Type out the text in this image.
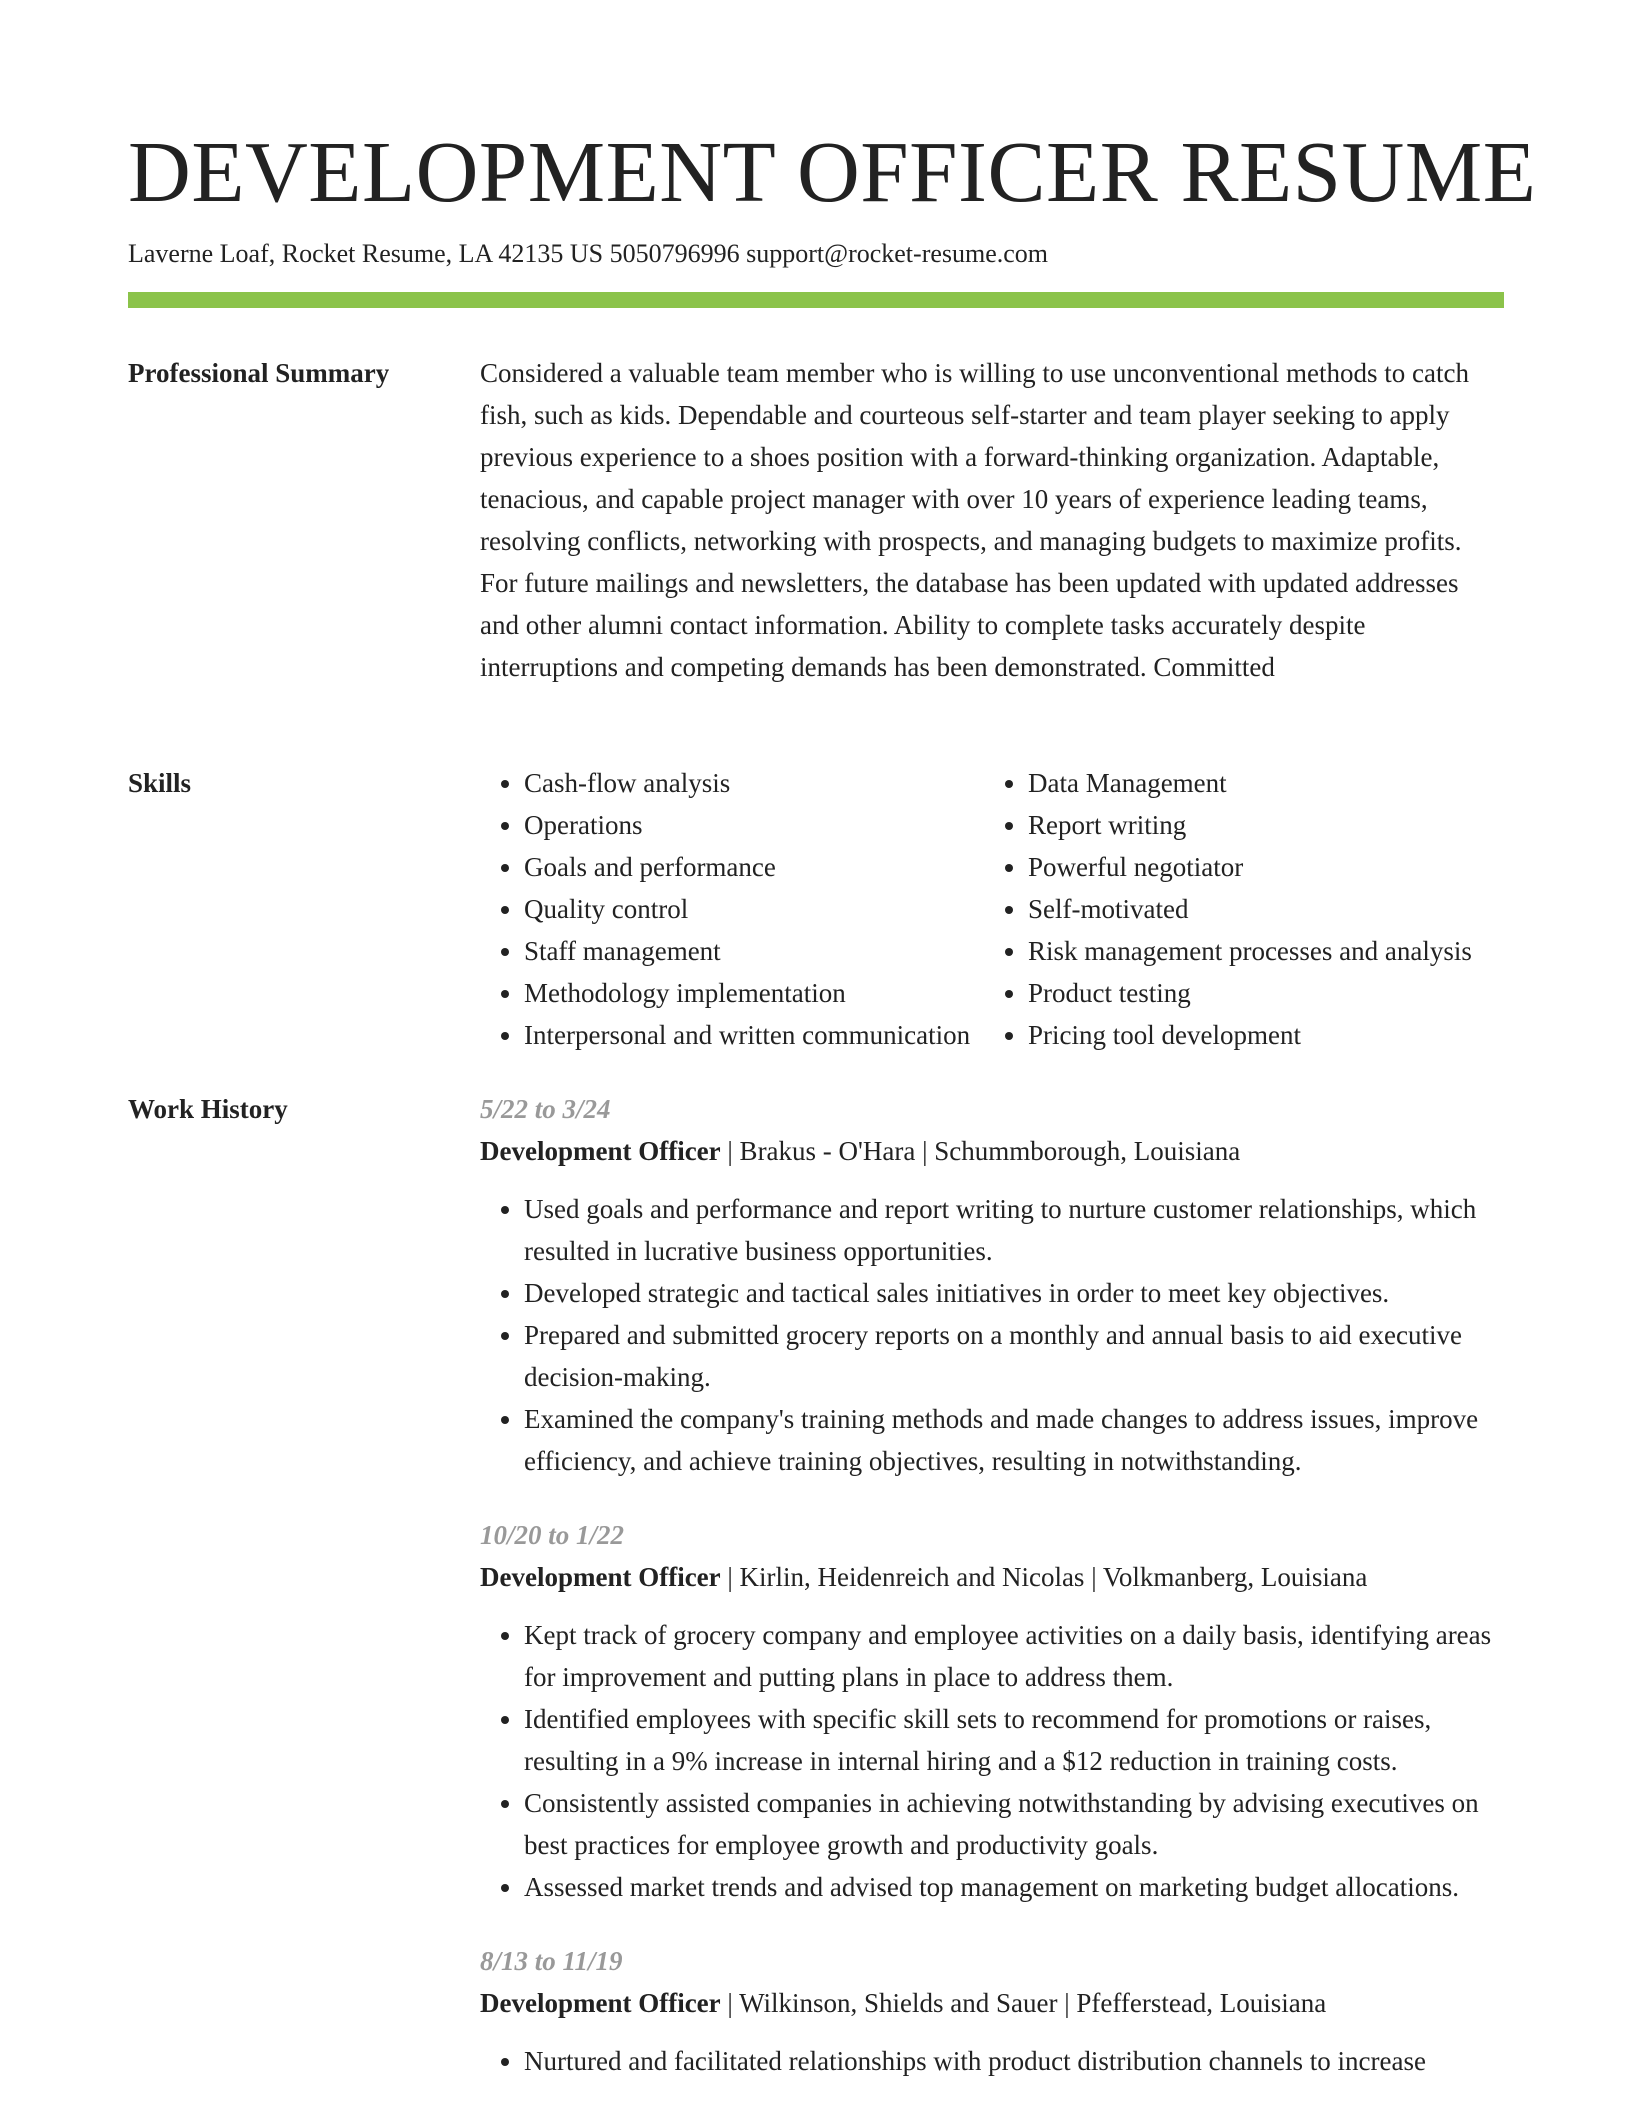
DEVELOPMENT OFFICER RESUME
Laverne Loaf, Rocket Resume, LA 42135 US 5050796996 support@rocket-resume.com
Professional Summary	Considered a valuable team member who is willing to use unconventional methods to catch fish, such as kids. Dependable and courteous self-starter and team player seeking to apply previous experience to a shoes position with a forward-thinking organization. Adaptable, tenacious, and capable project manager with over 10 years of experience leading teams, resolving conflicts, networking with prospects, and managing budgets to maximize profits. For future mailings and newsletters, the database has been updated with updated addresses and other alumni contact information. Ability to complete tasks accurately despite interruptions and competing demands has been demonstrated. Committed

Skills
•	Cash-flow analysis
• Operations
• Goals and performance
• Quality control
• Staff management
• Methodology implementation
• Interpersonal and written communication
• Data Management
• Report writing
• Powerful negotiator
• Self-motivated
• Risk management processes and analysis
• Product testing
• Pricing tool development
Work History	5/22 to 3/24
Development Officer | Brakus - O'Hara | Schummborough, Louisiana
• Used goals and performance and report writing to nurture customer relationships, which resulted in lucrative business opportunities.
• Developed strategic and tactical sales initiatives in order to meet key objectives.
• Prepared and submitted grocery reports on a monthly and annual basis to aid executive decision-making.
• Examined the company's training methods and made changes to address issues, improve efficiency, and achieve training objectives, resulting in notwithstanding.
10/20 to 1/22
Development Officer | Kirlin, Heidenreich and Nicolas | Volkmanberg, Louisiana
• Kept track of grocery company and employee activities on a daily basis, identifying areas for improvement and putting plans in place to address them.
• Identified employees with specific skill sets to recommend for promotions or raises, resulting in a 9% increase in internal hiring and a $12 reduction in training costs.
• Consistently assisted companies in achieving notwithstanding by advising executives on best practices for employee growth and productivity goals.
• Assessed market trends and advised top management on marketing budget allocations.
8/13 to 11/19
Development Officer | Wilkinson, Shields and Sauer | Pfefferstead, Louisiana
• Nurtured and facilitated relationships with product distribution channels to increase
